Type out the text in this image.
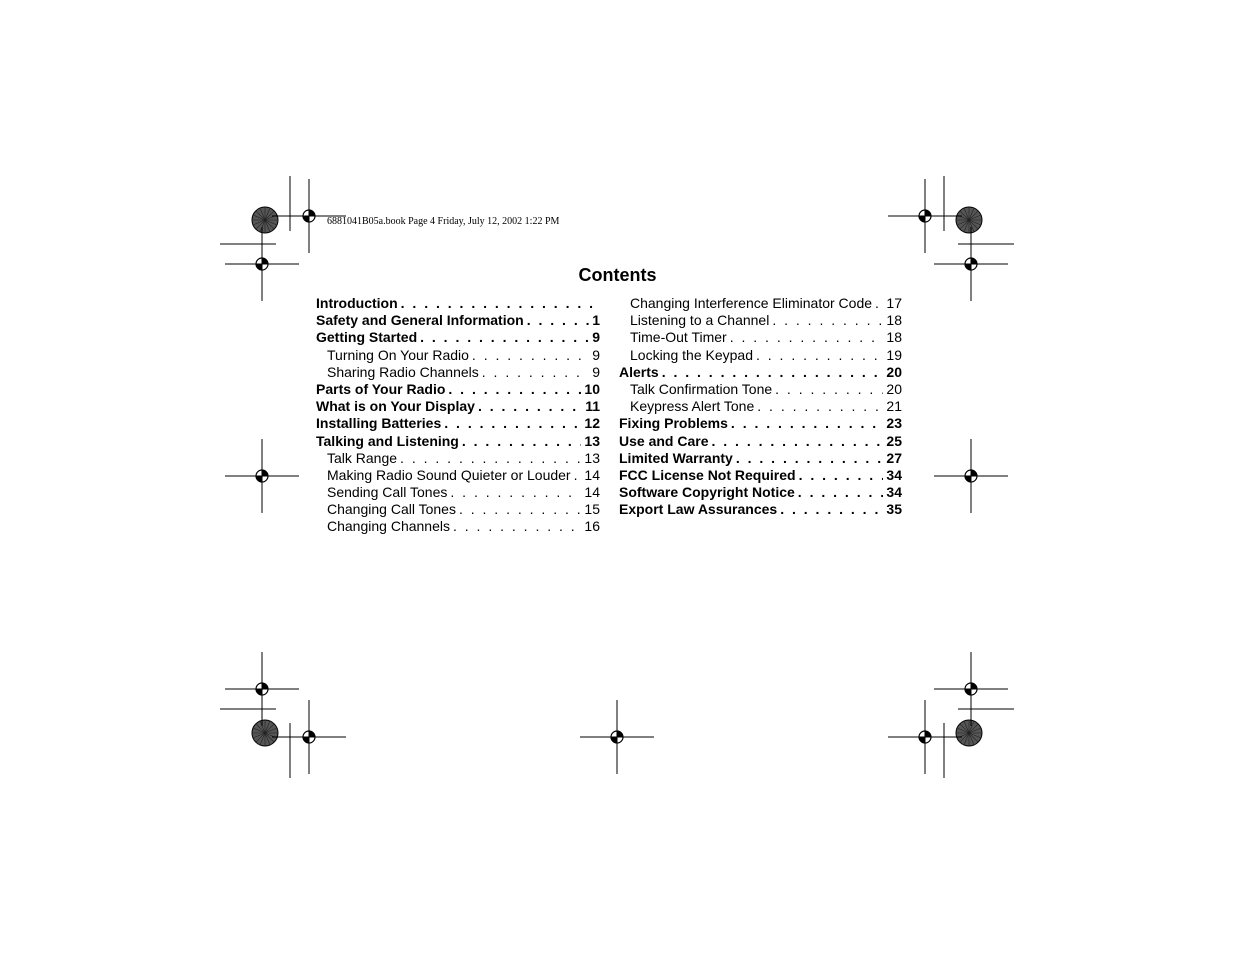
6881041B05a.book Page 4 Friday, July 12, 2002 1:22 PM
Contents
Introduction
. . .
Safety and General Information . . .	1
Getting Started . . .	9
Turning On Your Radio . . .	9
Sharing Radio Channels . . .	9
Parts of Your Radio . . .	10
What is on Your Display . . .	11
Installing Batteries . . .	12
Talking and Listening . . .	13
Talk Range . . .	13
Making Radio Sound Quieter or Louder . . . 14
Sending Call Tones . . .	14
Changing Call Tones . . .	15
Changing Channels . . .	16
Changing Interference Eliminator Code . . . 17
Listening to a Channel . . .	18
Time-Out Timer . . .	18
Locking the Keypad . . .	19
Alerts . . .	20
Talk Confirmation Tone . . .	20
Keypress Alert Tone . . .	21
Fixing Problems . . .	23
Use and Care . . .	25
Limited Warranty . . .	27
FCC License Not Required . . .	34
Software Copyright Notice . . .	34
Export Law Assurances . . .	35
